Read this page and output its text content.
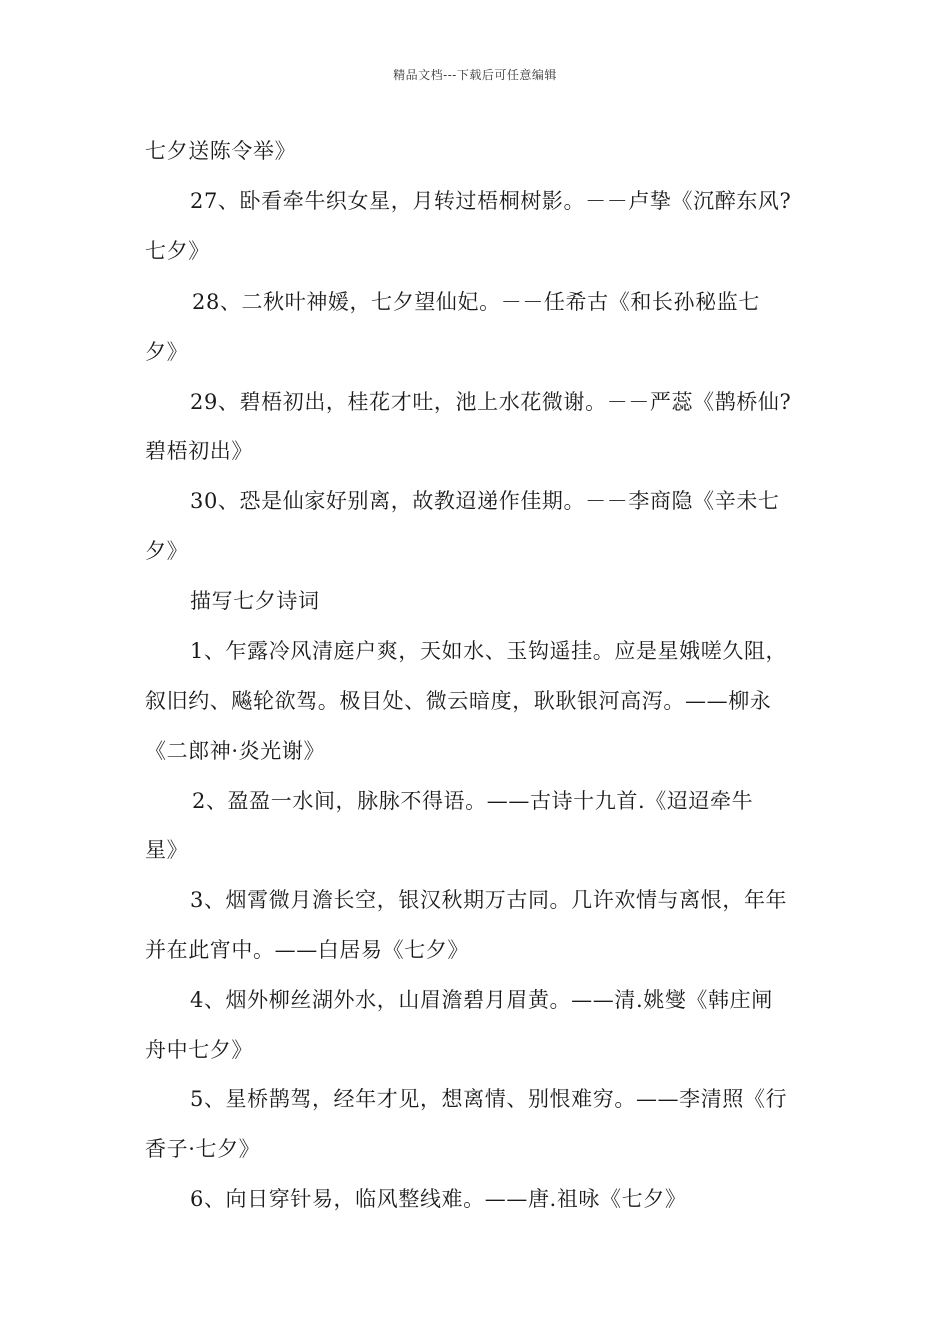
精品文档---下载后可任意编辑
七夕送陈令举》
27、卧看牵牛织女星，月转过梧桐树影。－－卢挚《沉醉东风?
七夕》
28、二秋叶神媛，七夕望仙妃。－－任希古《和长孙秘监七
夕》
29、碧梧初出，桂花才吐，池上水花微谢。－－严蕊《鹊桥仙?
碧梧初出》
30、恐是仙家好别离，故教迢递作佳期。－－李商隐《辛未七
夕》
描写七夕诗词
1、乍露冷风清庭户爽，天如水、玉钩遥挂。应是星娥嗟久阻，
叙旧约、飚轮欲驾。极目处、微云暗度，耿耿银河高泻。——柳永
《二郎神·炎光谢》
2、盈盈一水间，脉脉不得语。——古诗十九首.《迢迢牵牛
星》
3、烟霄微月澹长空，银汉秋期万古同。几许欢情与离恨，年年
并在此宵中。——白居易《七夕》
4、烟外柳丝湖外水，山眉澹碧月眉黄。——清.姚燮《韩庄闸
舟中七夕》
5、星桥鹊驾，经年才见，想离情、别恨难穷。——李清照《行
香子·七夕》
6、向日穿针易，临风整线难。——唐.祖咏《七夕》
